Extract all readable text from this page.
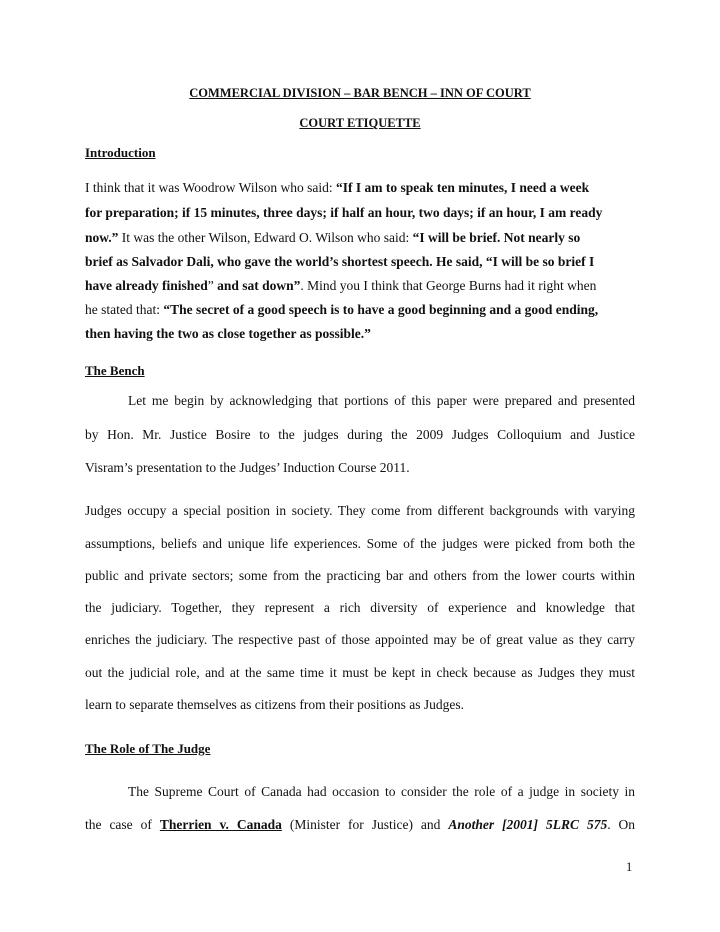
COMMERCIAL DIVISION – BAR BENCH – INN OF COURT
COURT ETIQUETTE
Introduction
I think that it was Woodrow Wilson who said: “If I am to speak ten minutes, I need a week
for preparation; if 15 minutes, three days; if half an hour, two days; if an hour, I am ready
now.” It was the other Wilson, Edward O. Wilson who said: “I will be brief. Not nearly so
brief as Salvador Dali, who gave the world’s shortest speech. He said, “I will be so brief I
have already finished” and sat down”. Mind you I think that George Burns had it right when
he stated that: “The secret of a good speech is to have a good beginning and a good ending,
then having the two as close together as possible.”
The Bench
Let me begin by acknowledging that portions of this paper were prepared and presented
by Hon. Mr. Justice Bosire to the judges during the 2009 Judges Colloquium and Justice
Visram’s presentation to the Judges’ Induction Course 2011.
Judges occupy a special position in society. They come from different backgrounds with varying
assumptions, beliefs and unique life experiences. Some of the judges were picked from both the
public and private sectors; some from the practicing bar and others from the lower courts within
the judiciary. Together, they represent a rich diversity of experience and knowledge that
enriches the judiciary. The respective past of those appointed may be of great value as they carry
out the judicial role, and at the same time it must be kept in check because as Judges they must
learn to separate themselves as citizens from their positions as Judges.
The Role of The Judge
The Supreme Court of Canada had occasion to consider the role of a judge in society in
the case of Therrien v. Canada (Minister for Justice) and Another [2001] 5LRC 575. On
1
